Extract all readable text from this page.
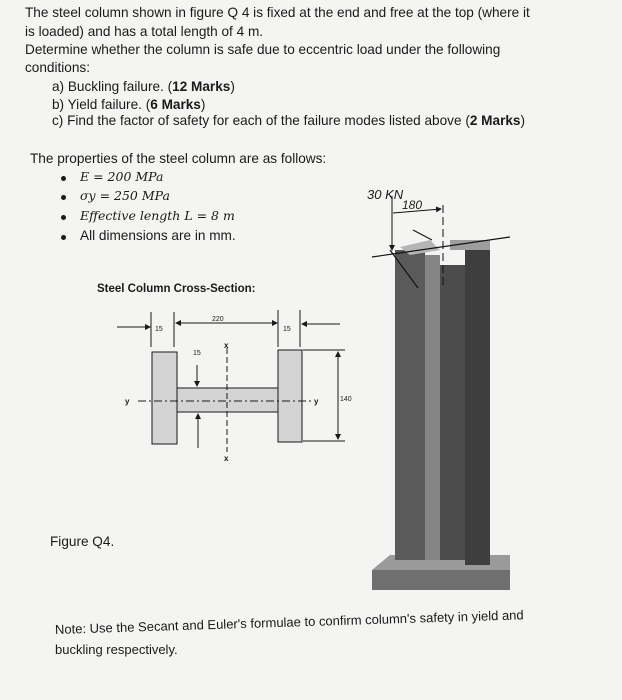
The steel column shown in figure Q 4 is fixed at the end and free at the top (where it
is loaded) and has a total length of 4 m.
Determine whether the column is safe due to eccentric load under the following
conditions:
a) Buckling failure. (12 Marks)
b) Yield failure. (6 Marks)
c) Find the factor of safety for each of the failure modes listed above (2 Marks)
The properties of the steel column are as follows:
E = 200 MPa
σy = 250 MPa
Effective length L = 8 m
All dimensions are in mm.
Steel Column Cross-Section:
15
220
15
15
140
x
x
y	y
30 KN
180
Figure Q4.
Note: Use the Secant and Euler's formulae to confirm column's safety in yield and
buckling respectively.
